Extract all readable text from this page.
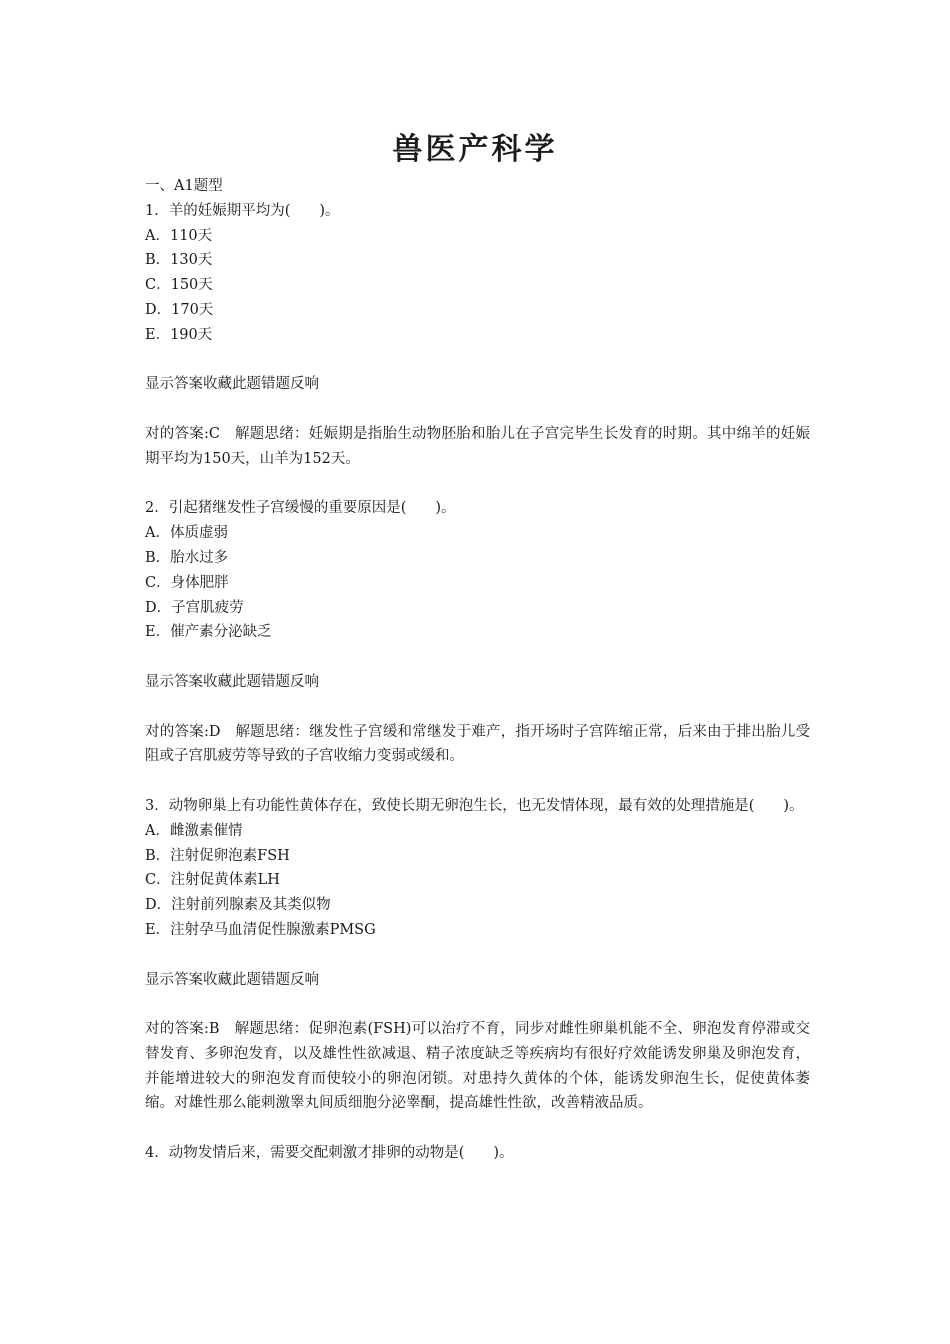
兽医产科学

一、A1题型

1．羊的妊娠期平均为(　　)。

A．110天

B．130天

C．150天

D．170天

E．190天

显示答案收藏此题错题反响

对的答案:C　解题思绪：妊娠期是指胎生动物胚胎和胎儿在子宫完毕生长发育的时期。其中绵羊的妊娠期平均为150天，山羊为152天。

2．引起猪继发性子宫缓慢的重要原因是(　　)。

A．体质虚弱

B．胎水过多

C．身体肥胖

D．子宫肌疲劳

E．催产素分泌缺乏

显示答案收藏此题错题反响

对的答案:D　解题思绪：继发性子宫缓和常继发于难产，指开场时子宫阵缩正常，后来由于排出胎儿受阻或子宫肌疲劳等导致的子宫收缩力变弱或缓和。

3．动物卵巢上有功能性黄体存在，致使长期无卵泡生长，也无发情体现，最有效的处理措施是(　　)。

A．雌激素催情

B．注射促卵泡素FSH

C．注射促黄体素LH

D．注射前列腺素及其类似物

E．注射孕马血清促性腺激素PMSG

显示答案收藏此题错题反响

对的答案:B　解题思绪：促卵泡素(FSH)可以治疗不育，同步对雌性卵巢机能不全、卵泡发育停滞或交替发育、多卵泡发育，以及雄性性欲减退、精子浓度缺乏等疾病均有很好疗效能诱发卵巢及卵泡发育，并能增进较大的卵泡发育而使较小的卵泡闭锁。对患持久黄体的个体，能诱发卵泡生长，促使黄体萎缩。对雄性那么能刺激睾丸间质细胞分泌睾酮，提高雄性性欲，改善精液品质。

4．动物发情后来，需要交配刺激才排卵的动物是(　　)。
